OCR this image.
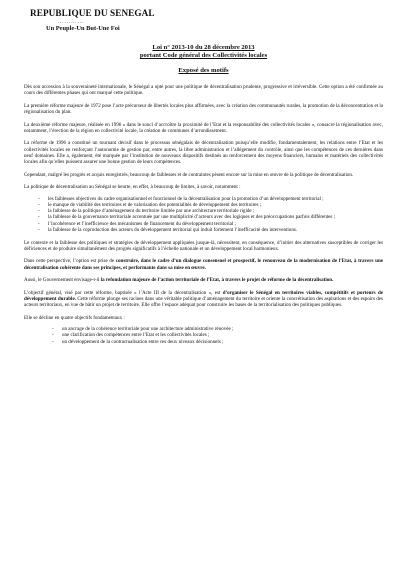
REPUBLIQUE DU SENEGAL
…………
Un Peuple-Un But-Une Foi
Loi n° 2013-10 du 28 décembre 2013
portant Code général des Collectivités locales
Exposé des motifs

Dès son accession à la souveraineté internationale, le Sénégal a opté pour une politique de décentralisation prudente, progressive et irréversible. Cette option a été confirmée au cours des différentes phases qui ont marqué cette politique.

La première réforme majeure de 1972 pose l’acte précurseur de libertés locales plus affirmées, avec la création des communautés rurales, la promotion de la déconcentration et la régionalisation du plan.

La deuxième réforme majeure, réalisée en 1996 « dans le souci d’accroître la proximité de l’Etat et la responsabilité des collectivités locales », consacre la régionalisation avec, notamment, l’érection de la région en collectivité locale, la création de communes d’arrondissement.

La réforme de 1996 a constitué un tournant décisif dans le processus sénégalais de décentralisation puisqu’elle modifie, fondamentalement, les relations entre l’Etat et les collectivités locales en renforçant l’autonomie de gestion par, entre autres, la libre administration et l’allègement du contrôle, ainsi que les compétences de ces dernières dans neuf domaines. Elle a, également, été marquée par l’institution de nouveaux dispositifs destinés au renforcement des moyens financiers, humains et matériels des collectivités locales afin qu’elles puissent assurer une bonne gestion de leurs compétences.

Cependant, malgré les progrès et acquis enregistrés, beaucoup de faiblesses et de contraintes pèsent encore sur la mise en œuvre de la politique de décentralisation.

La politique de décentralisation au Sénégal se heurte, en effet, à beaucoup de limites, à savoir, notamment :

- les faiblesses objectives du cadre organisationnel et fonctionnel de la décentralisation pour la promotion d’un développement territorial ;
- le manque de viabilité des territoires et de valorisation des potentialités de développement des territoires ;
- la faiblesse de la politique d’aménagement du territoire limitée par une architecture territoriale rigide ;
- la faiblesse de la gouvernance territoriale accentuée par une multiplicité d’acteurs avec des logiques et des préoccupations parfois différentes ;
- l’incohérence et l’inefficience des mécanismes de financement du développement territorial ;
- la faiblesse de la coproduction des acteurs du développement territorial qui induit fortement l’inefficacité des interventions.

Le contexte et la faiblesse des politiques et stratégies de développement appliquées jusque-là, nécessitent, en conséquence, d’initier des alternatives susceptibles de corriger les déficiences et de produire simultanément des progrès significatifs à l’échelle nationale et un développement local harmonieux.

Dans cette perspective, l’option est prise de construire, dans le cadre d’un dialogue consensuel et prospectif, le renouveau de la modernisation de l’Etat, à travers une décentralisation cohérente dans ses principes, et performante dans sa mise en œuvre.

Aussi, le Gouvernement envisage-t-il la refondation majeure de l’action territoriale de l’Etat, à travers le projet de réforme de la décentralisation.

L’objectif général, visé par cette réforme, baptisée « l’Acte III de la décentralisation », est d’organiser le Sénégal en territoires viables, compétitifs et porteurs de développement durable. Cette réforme plonge ses racines dans une véritable politique d’aménagement du territoire et oriente la concrétisation des aspirations et des espoirs des acteurs territoriaux, en vue de bâtir un projet de territoire. Elle offre l’espace adéquat pour construire les bases de la territorialisation des politiques publiques.

Elle se décline en quatre objectifs fondamentaux :

- un ancrage de la cohérence territoriale pour une architecture administrative rénovée ;
- une clarification des compétences entre l’Etat et les collectivités locales ;
- un développement de la contractualisation entre ces deux niveaux décisionnels ;
